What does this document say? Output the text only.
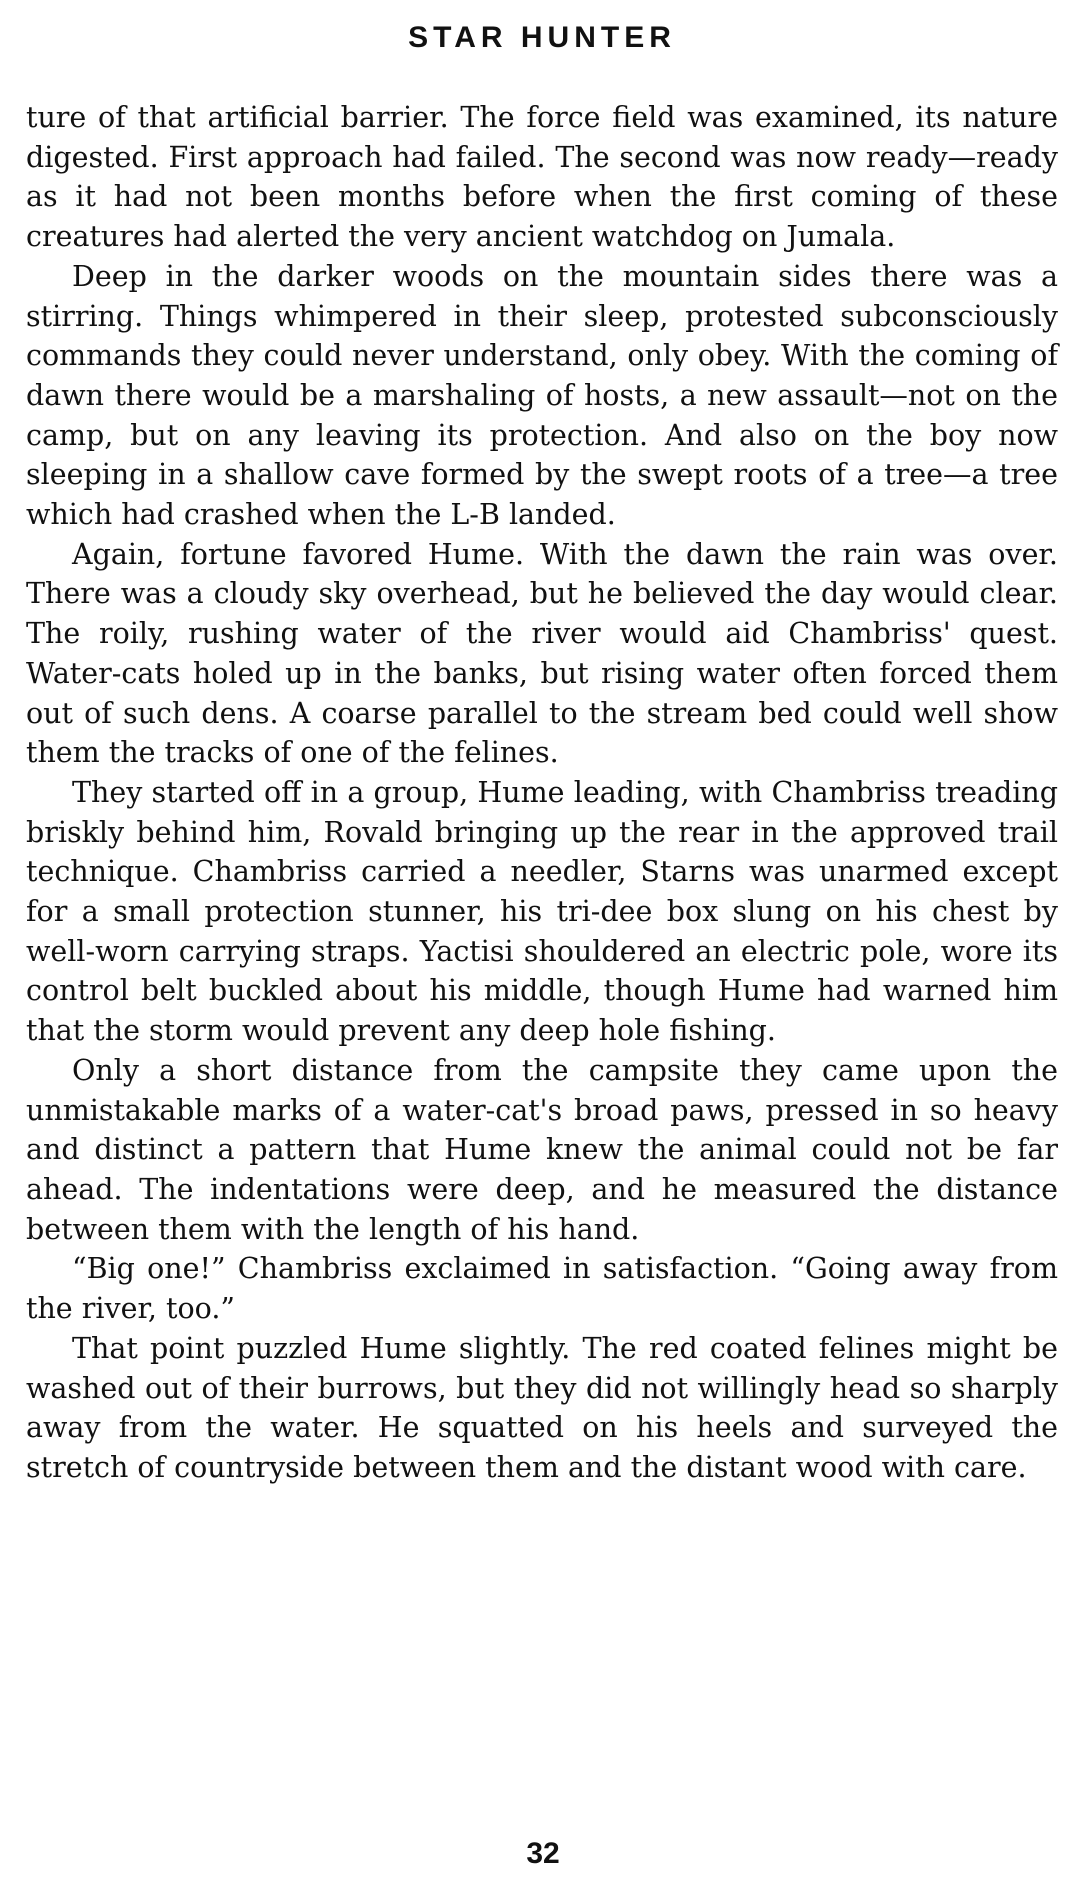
STAR HUNTER

ture of that artificial barrier. The force field was examined, its nature digested. First approach had failed. The second was now ready—ready as it had not been months before when the first coming of these creatures had alerted the very ancient watchdog on Jumala.

Deep in the darker woods on the mountain sides there was a stirring. Things whimpered in their sleep, protested subconsciously commands they could never understand, only obey. With the coming of dawn there would be a marshaling of hosts, a new assault—not on the camp, but on any leaving its protection. And also on the boy now sleeping in a shallow cave formed by the swept roots of a tree—a tree which had crashed when the L-B landed.

Again, fortune favored Hume. With the dawn the rain was over. There was a cloudy sky overhead, but he believed the day would clear. The roily, rushing water of the river would aid Chambriss' quest. Water-cats holed up in the banks, but rising water often forced them out of such dens. A coarse parallel to the stream bed could well show them the tracks of one of the felines.

They started off in a group, Hume leading, with Chambriss treading briskly behind him, Rovald bringing up the rear in the approved trail technique. Chambriss carried a needler, Starns was unarmed except for a small protection stunner, his tri-dee box slung on his chest by well-worn carrying straps. Yactisi shouldered an electric pole, wore its control belt buckled about his middle, though Hume had warned him that the storm would prevent any deep hole fishing.

Only a short distance from the campsite they came upon the unmistakable marks of a water-cat's broad paws, pressed in so heavy and distinct a pattern that Hume knew the animal could not be far ahead. The indentations were deep, and he measured the distance between them with the length of his hand.

“Big one!” Chambriss exclaimed in satisfaction. “Going away from the river, too.”

That point puzzled Hume slightly. The red coated felines might be washed out of their burrows, but they did not willingly head so sharply away from the water. He squatted on his heels and surveyed the stretch of countryside between them and the distant wood with care.

32
